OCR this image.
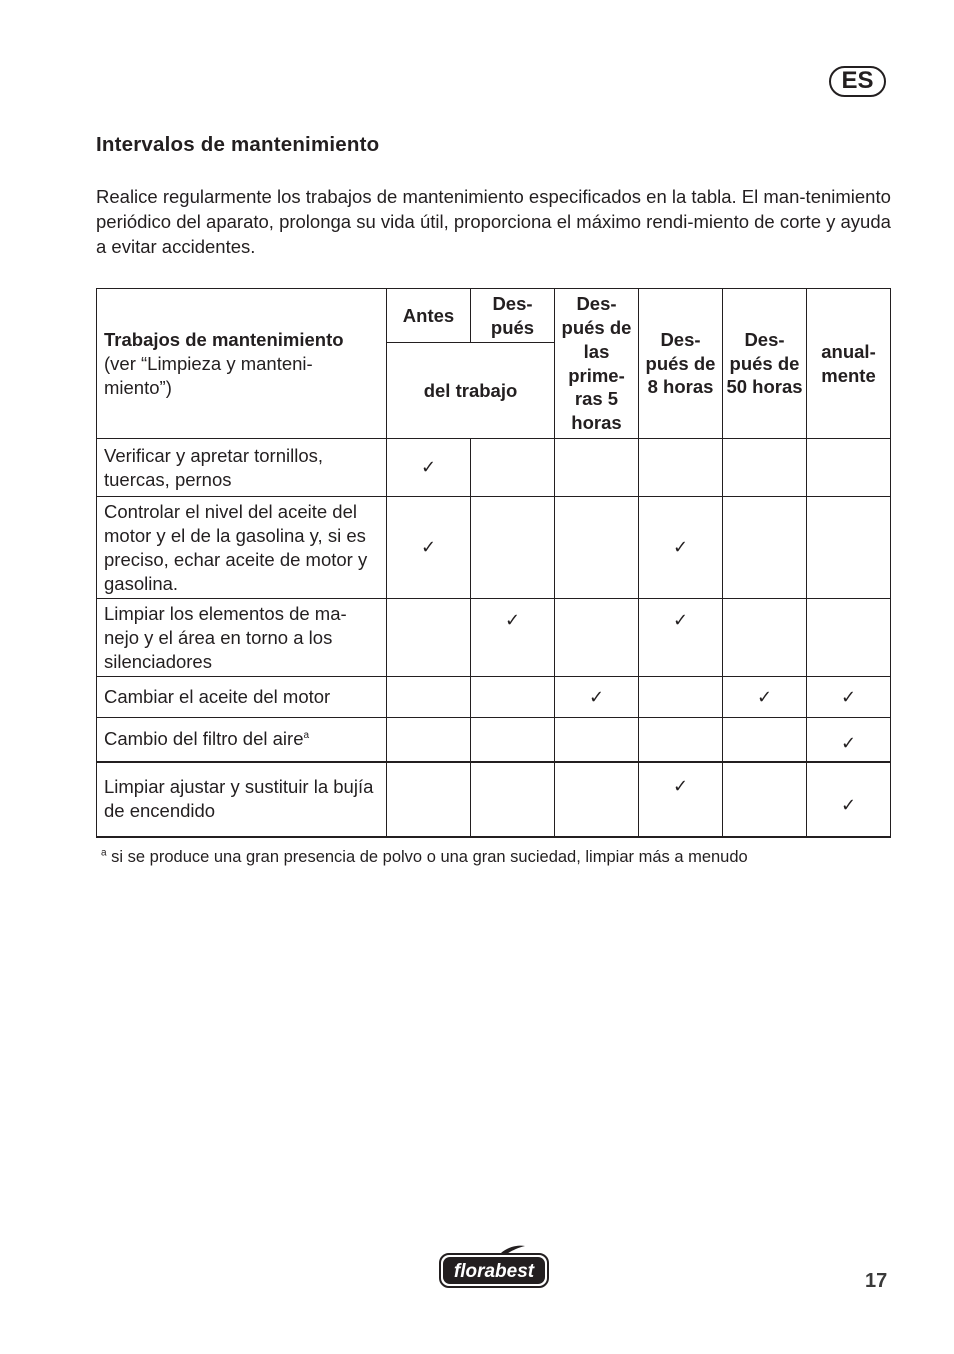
ES
Intervalos de mantenimiento

Realice regularmente los trabajos de mantenimiento especificados en la tabla. El man-tenimiento periódico del aparato, prolonga su vida útil, proporciona el máximo rendi-miento de corte y ayuda a evitar accidentes.

Trabajos de mantenimiento
(ver “Limpieza y manteni-miento”)	Antes	Des-pués	Des-pués de las prime-ras 5 horas	Des-pués de 8 horas	Des-pués de 50 horas	anual-mente
	del trabajo					
Verificar y apretar tornillos, tuercas, pernos	✓					
Controlar el nivel del aceite del motor y el de la gasolina y, si es preciso, echar aceite de motor y gasolina.	✓			✓		
Limpiar los elementos de ma-nejo y el área en torno a los silenciadores		✓		✓		
Cambiar el aceite del motor			✓		✓	✓
Cambio del filtro del aire$^a$						✓
Limpiar ajustar y sustituir la bujía de encendido				✓		✓

$^a$ si se produce una gran presencia de polvo o una gran suciedad, limpiar más a menudo

florabest	17
